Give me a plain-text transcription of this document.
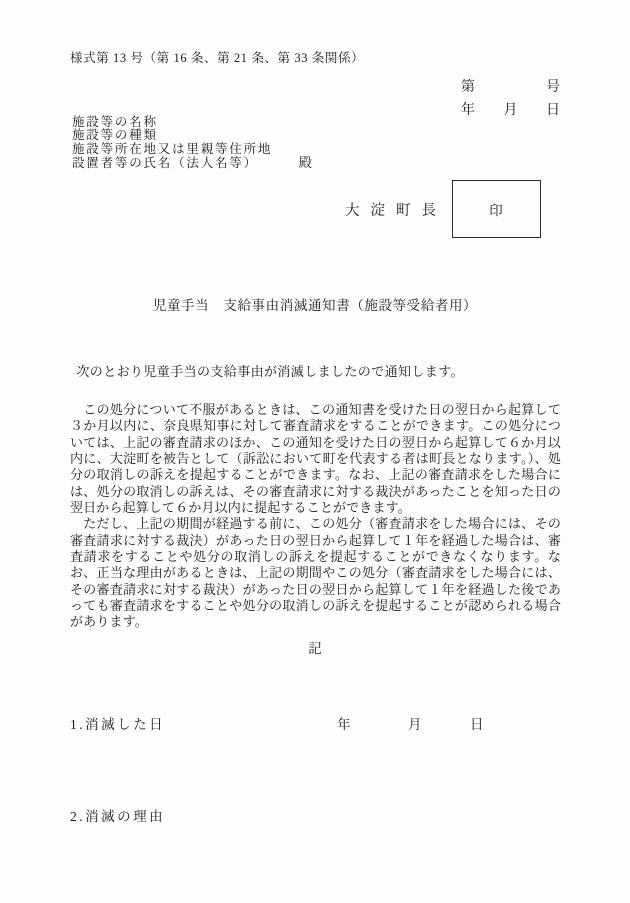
様式第 13 号（第 16 条、第 21 条、第 33 条関係）
第	号
年 月 日
施設等の名称
施設等の種類
施設等所在地又は里親等住所地
設置者等の氏名（法人名等）	殿
大淀町長	印
児童手当　支給事由消滅通知書（施設等受給者用）

　次のとおり児童手当の支給事由が消滅しましたので通知します。

　この処分について不服があるときは、この通知書を受けた日の翌日から起算して３か月以内に、奈良県知事に対して審査請求をすることができます。この処分については、上記の審査請求のほか、この通知を受けた日の翌日から起算して６か月以内に、大淀町を被告として（訴訟において町を代表する者は町長となります。）、処分の取消しの訴えを提起することができます。なお、上記の審査請求をした場合には、処分の取消しの訴えは、その審査請求に対する裁決があったことを知った日の翌日から起算して６か月以内に提起することができます。

　ただし、上記の期間が経過する前に、この処分（審査請求をした場合には、その審査請求に対する裁決）があった日の翌日から起算して１年を経過した場合は、審査請求をすることや処分の取消しの訴えを提起することができなくなります。なお、正当な理由があるときは、上記の期間やこの処分（審査請求をした場合には、その審査請求に対する裁決）があった日の翌日から起算して１年を経過した後であっても審査請求をすることや処分の取消しの訴えを提起することが認められる場合があります。

記
1.消滅した日	年	月	日
2.消滅の理由
